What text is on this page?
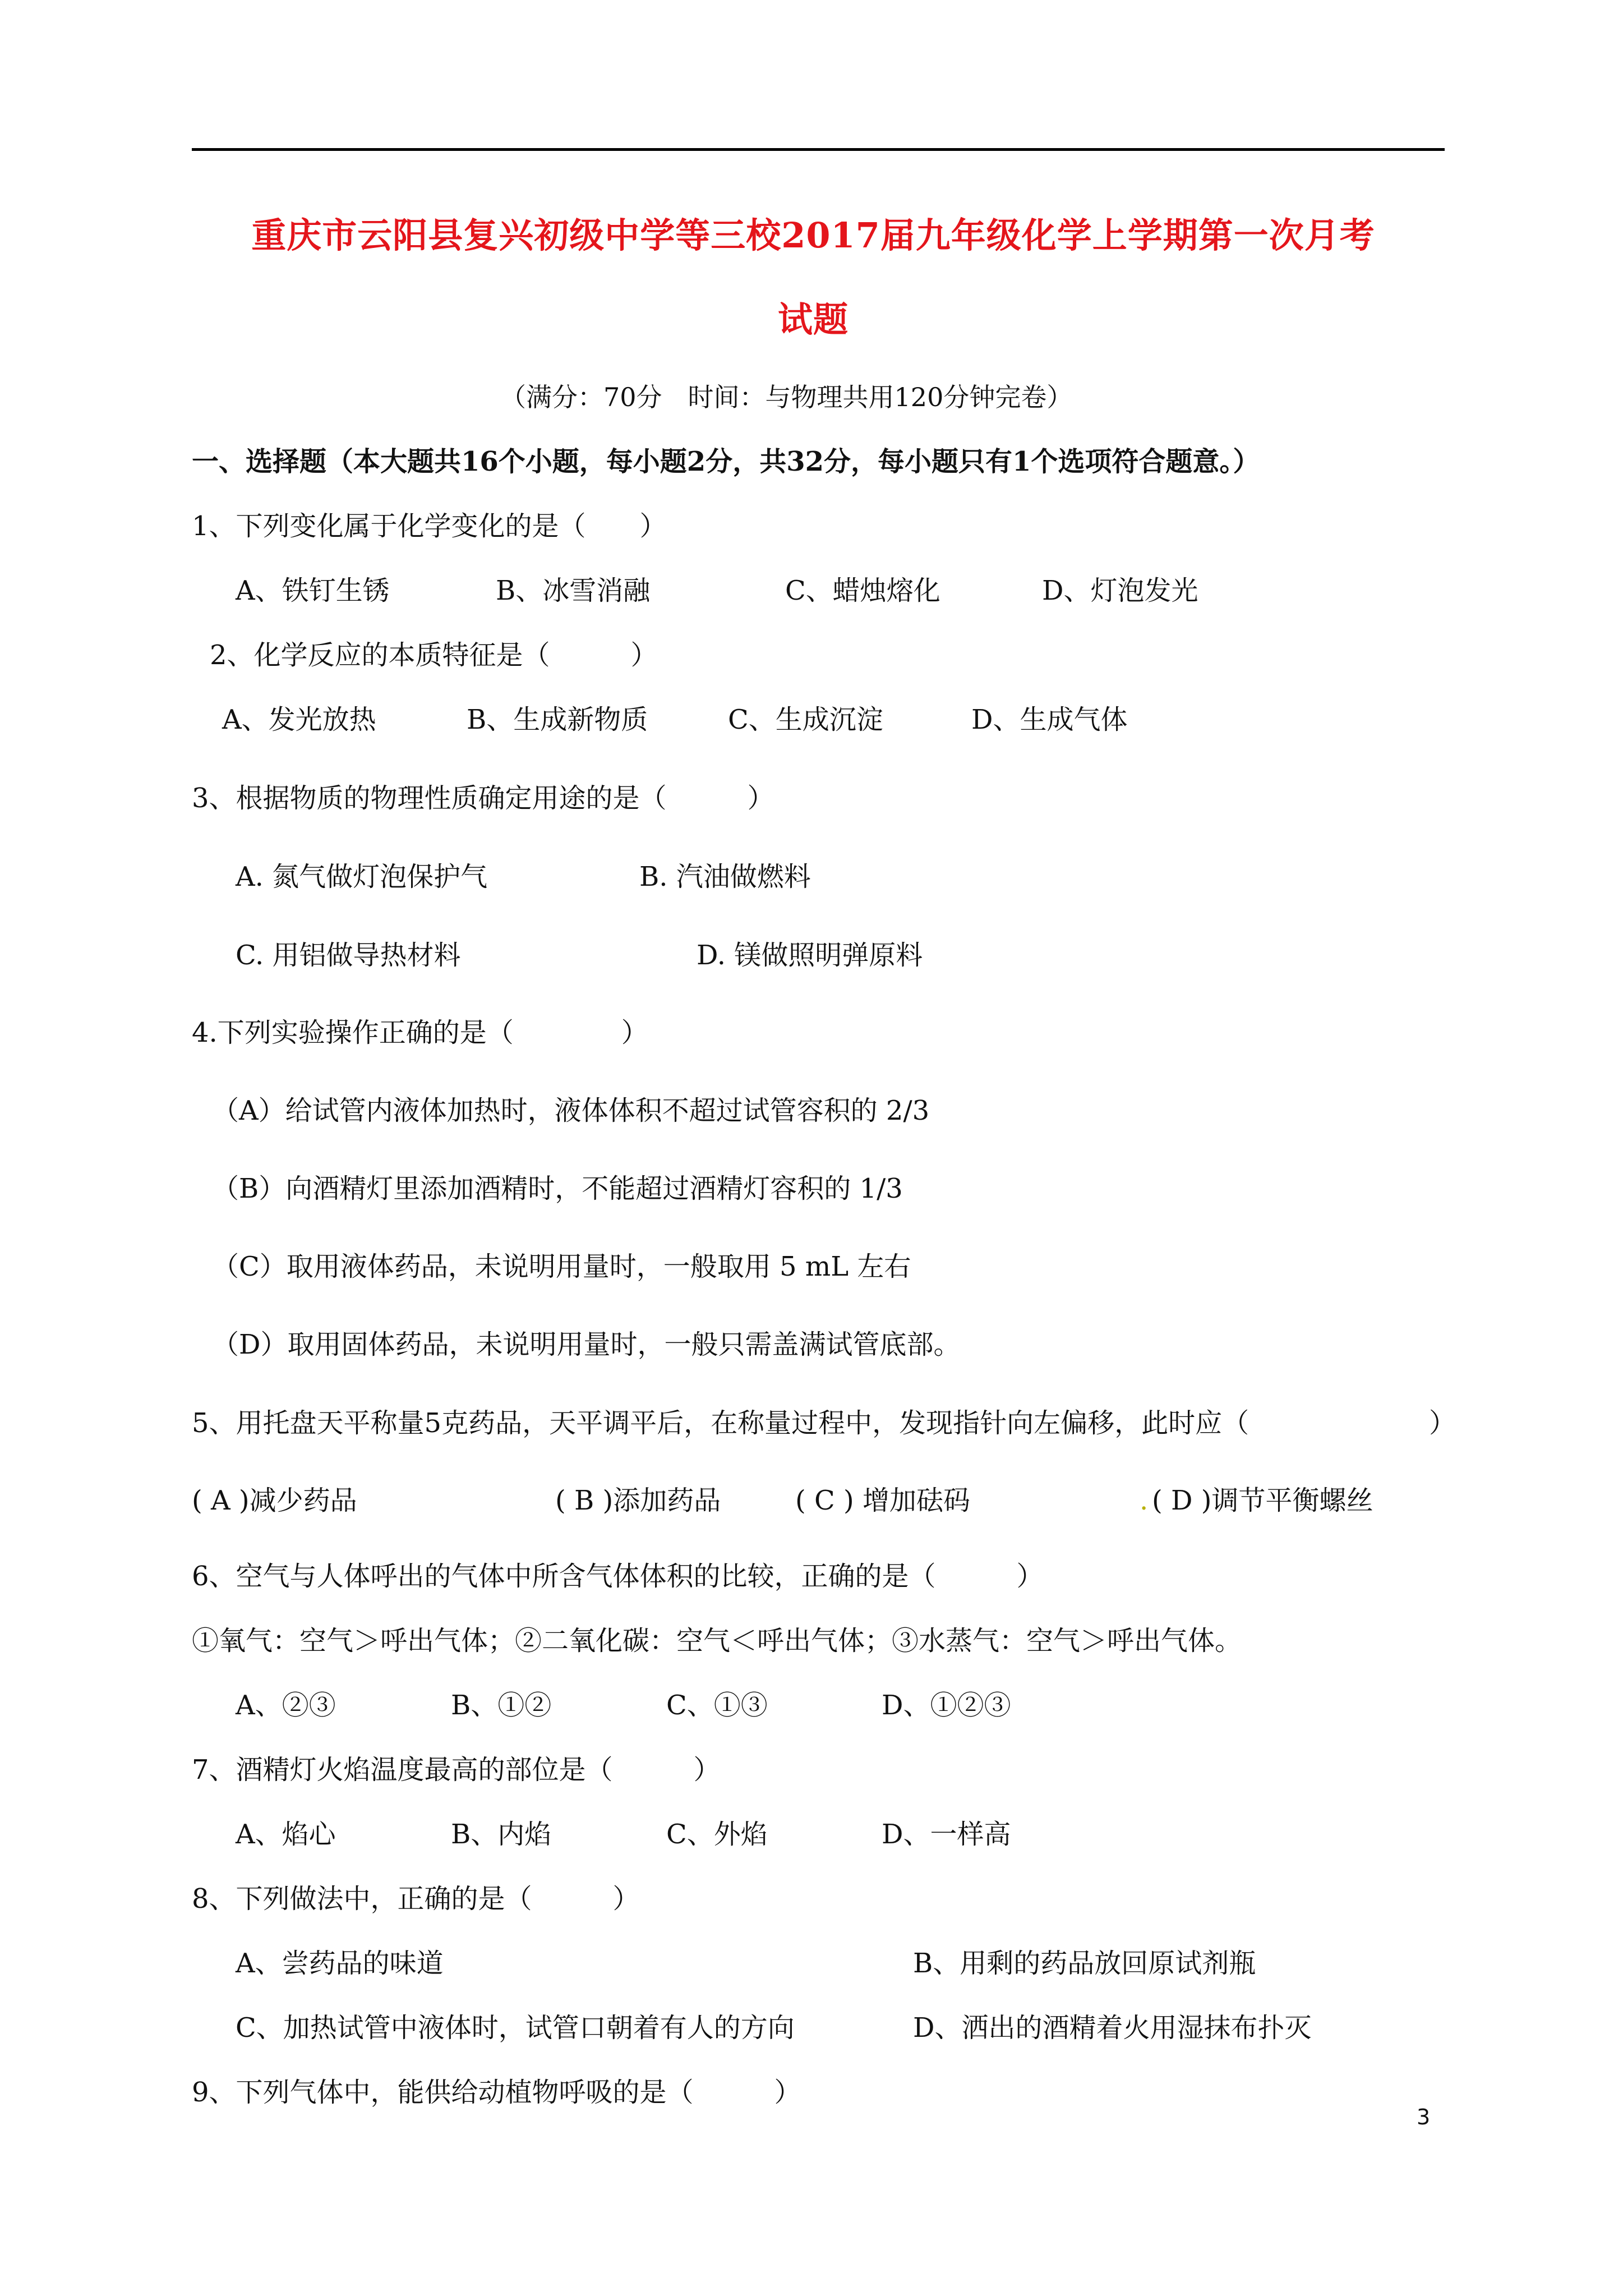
重庆市云阳县复兴初级中学等三校2017届九年级化学上学期第一次月考
试题
（满分：70分　时间：与物理共用120分钟完卷）
一、选择题（本大题共16个小题，每小题2分，共32分，每小题只有1个选项符合题意。）
1、下列变化属于化学变化的是（　　）
A、铁钉生锈	B、冰雪消融	C、蜡烛熔化	D、灯泡发光
2、化学反应的本质特征是（　　　）
A、发光放热	B、生成新物质	C、生成沉淀	D、生成气体
3、根据物质的物理性质确定用途的是（　　　）
A. 氮气做灯泡保护气	B. 汽油做燃料
C. 用铝做导热材料	D. 镁做照明弹原料
4.下列实验操作正确的是（　　　　）
（A）给试管内液体加热时，液体体积不超过试管容积的 2/3
（B）向酒精灯里添加酒精时，不能超过酒精灯容积的 1/3
（C）取用液体药品，未说明用量时，一般取用 5 mL 左右
（D）取用固体药品，未说明用量时，一般只需盖满试管底部。
5、用托盘天平称量5克药品，天平调平后，在称量过程中，发现指针向左偏移，此时应（	）
( A )减少药品	( B )添加药品	( C ) 增加砝码	. ( D )调节平衡螺丝
6、空气与人体呼出的气体中所含气体体积的比较，正确的是（　　　）
①氧气：空气＞呼出气体；②二氧化碳：空气＜呼出气体；③水蒸气：空气＞呼出气体。
A、②③	B、①②	C、①③	D、①②③
7、酒精灯火焰温度最高的部位是（　　　）
A、焰心	B、内焰	C、外焰	D、一样高
8、下列做法中，正确的是（　　　）
A、尝药品的味道	B、用剩的药品放回原试剂瓶
C、加热试管中液体时，试管口朝着有人的方向	D、洒出的酒精着火用湿抹布扑灭
9、下列气体中，能供给动植物呼吸的是（　　　）
3
